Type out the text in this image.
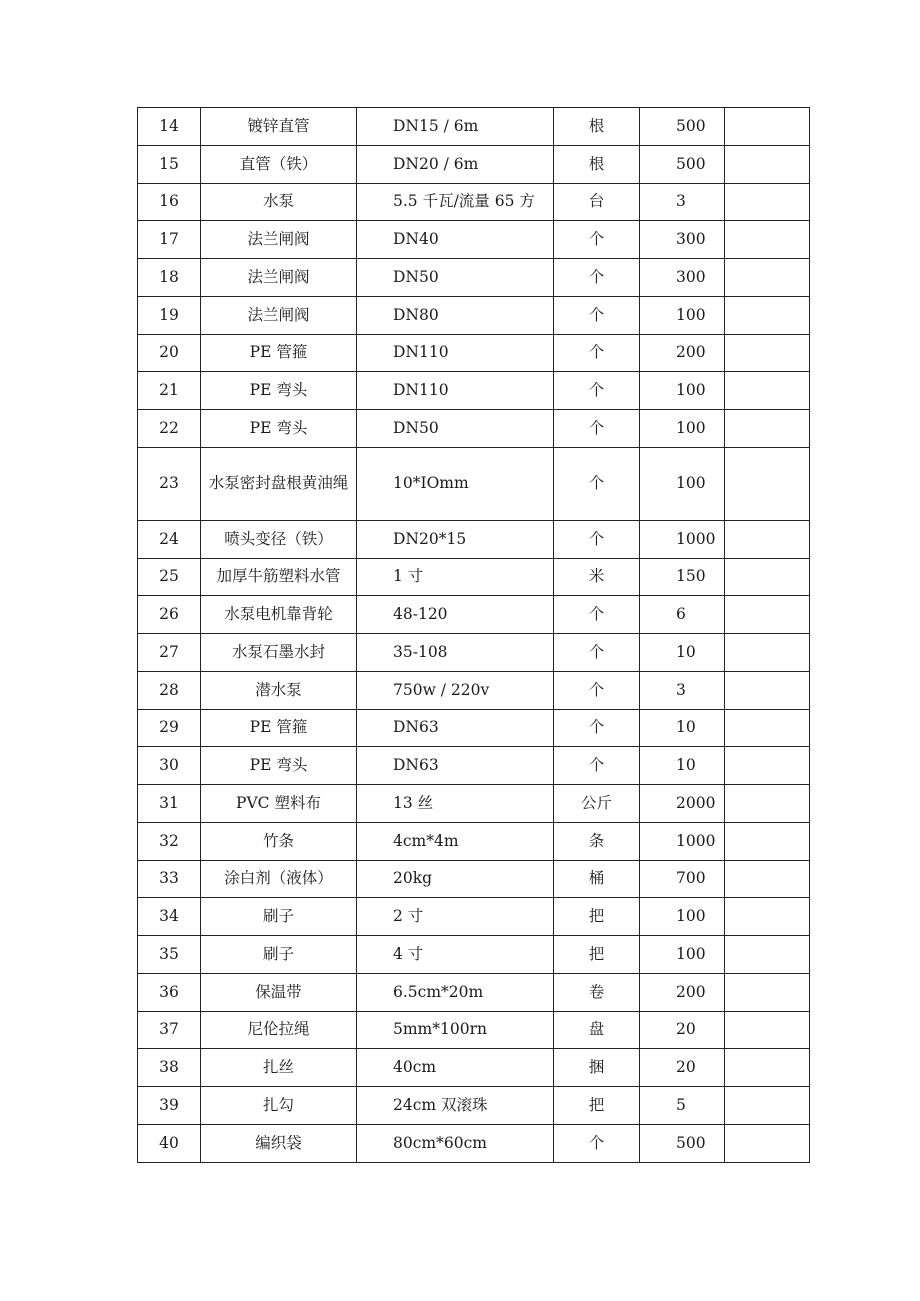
14	镀锌直管	DN15 / 6m	根	500	
15	直管（铁）	DN20 / 6m	根	500	
16	水泵	5.5 千瓦/流量 65 方	台	3	
17	法兰闸阀	DN40	个	300	
18	法兰闸阀	DN50	个	300	
19	法兰闸阀	DN80	个	100	
20	PE 管箍	DN110	个	200	
21	PE 弯头	DN110	个	100	
22	PE 弯头	DN50	个	100	
23	水泵密封盘根黄油绳	10*IOmm	个	100	
24	喷头变径（铁）	DN20*15	个	1000	
25	加厚牛筋塑料水管	1 寸	米	150	
26	水泵电机靠背轮	48-120	个	6	
27	水泵石墨水封	35-108	个	10	
28	潜水泵	750w / 220v	个	3	
29	PE 管箍	DN63	个	10	
30	PE 弯头	DN63	个	10	
31	PVC 塑料布	13 丝	公斤	2000	
32	竹条	4cm*4m	条	1000	
33	涂白剂（液体）	20kg	桶	700	
34	刷子	2 寸	把	100	
35	刷子	4 寸	把	100	
36	保温带	6.5cm*20m	卷	200	
37	尼伦拉绳	5mm*100rn	盘	20	
38	扎丝	40cm	捆	20	
39	扎勾	24cm 双滚珠	把	5	
40	编织袋	80cm*60cm	个	500	
